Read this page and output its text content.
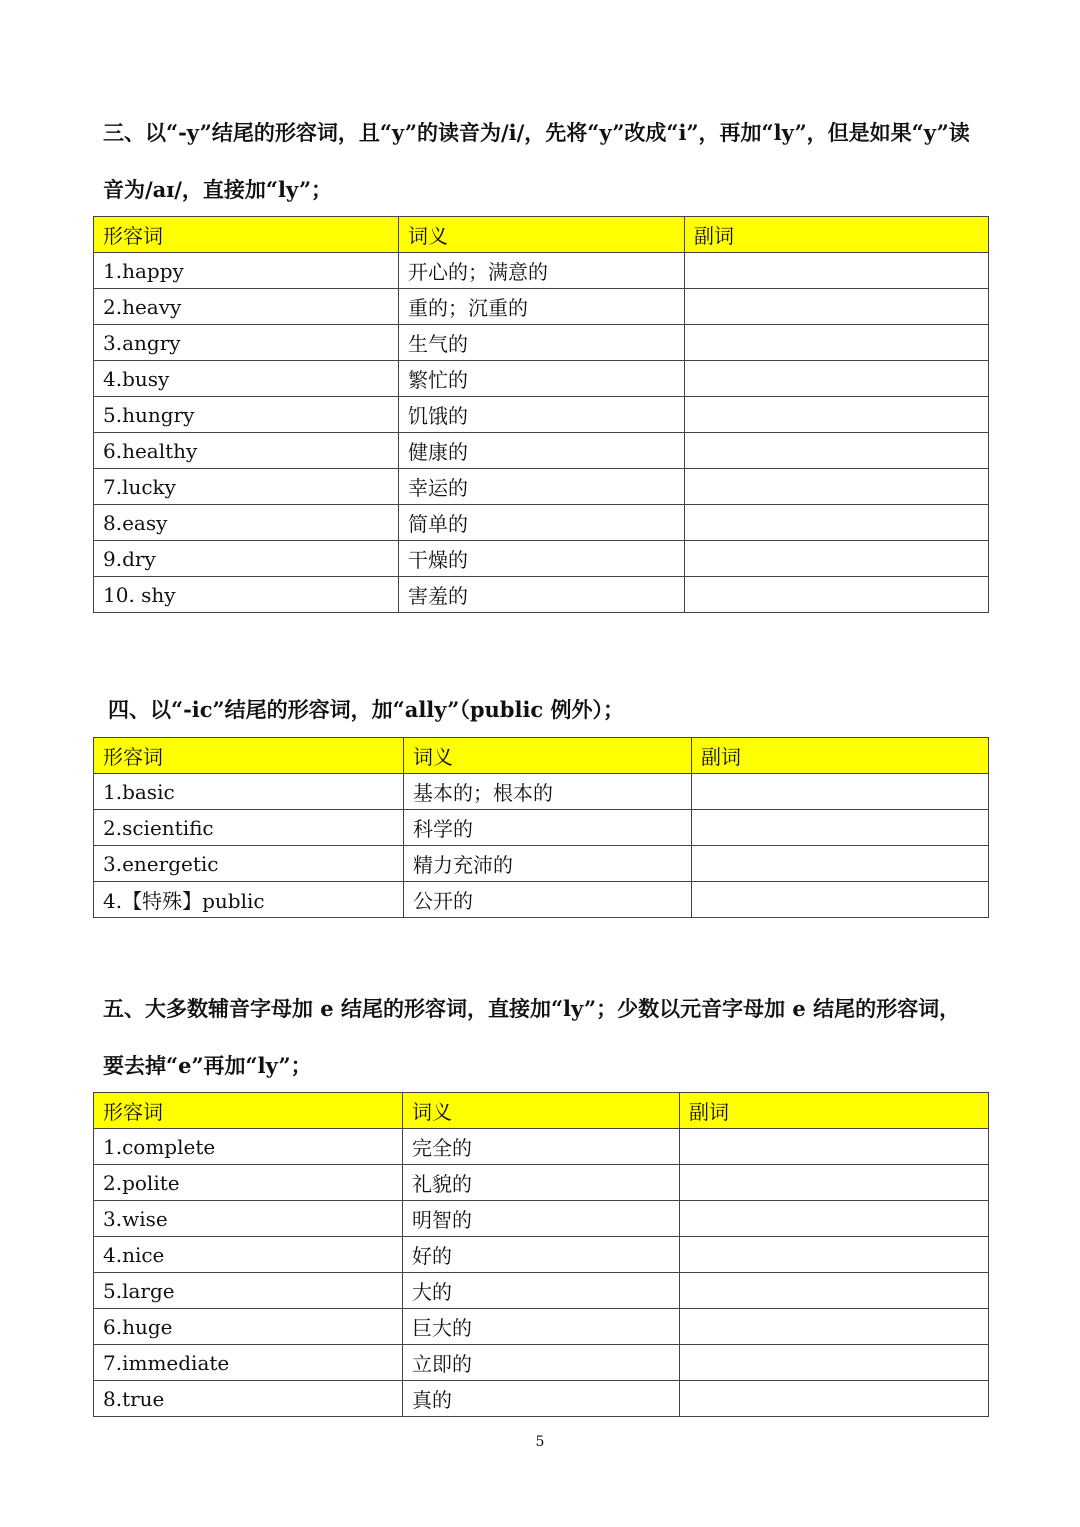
三、以“-y”结尾的形容词，且“y”的读音为/i/，先将“y”改成“i”，再加“ly”，但是如果“y”读
音为/aɪ/，直接加“ly”；
形容词	词义	副词
1.happy	开心的；满意的	
2.heavy	重的；沉重的	
3.angry	生气的	
4.busy	繁忙的	
5.hungry	饥饿的	
6.healthy	健康的	
7.lucky	幸运的	
8.easy	简单的	
9.dry	干燥的	
10. shy	害羞的	
四、以“-ic”结尾的形容词，加“ally”（public 例外）；
形容词	词义	副词
1.basic	基本的；根本的	
2.scientific	科学的	
3.energetic	精力充沛的	
4.【特殊】public	公开的	
五、大多数辅音字母加 e 结尾的形容词，直接加“ly”；少数以元音字母加 e 结尾的形容词，
要去掉“e”再加“ly”；
形容词	词义	副词
1.complete	完全的	
2.polite	礼貌的	
3.wise	明智的	
4.nice	好的	
5.large	大的	
6.huge	巨大的	
7.immediate	立即的	
8.true	真的	
5
